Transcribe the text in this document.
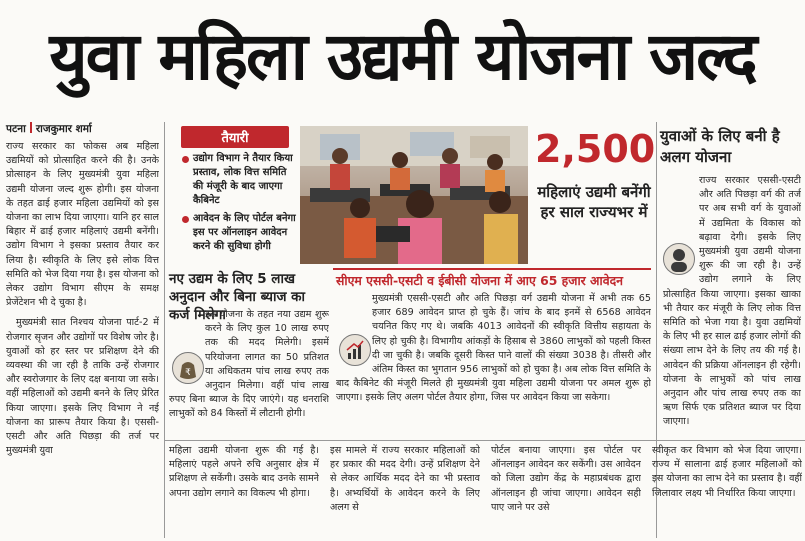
युवा महिला उद्यमी योजना जल्द
पटना राजकुमार शर्मा

राज्य सरकार का फोकस अब महिला उद्यमियों को प्रोत्साहित करने की है। उनके प्रोत्साहन के लिए मुख्यमंत्री युवा महिला उद्यमी योजना जल्द शुरू होगी। इस योजना के तहत ढाई हजार महिला उद्यमियों को इस योजना का लाभ दिया जाएगा। यानि हर साल बिहार में ढाई हजार महिलाएं उद्यमी बनेंगी। उद्योग विभाग ने इसका प्रस्ताव तैयार कर लिया है। स्वीकृति के लिए इसे लोक वित्त समिति को भेज दिया गया है। इस योजना को लेकर उद्योग विभाग सीएम के समक्ष प्रेजेंटेशन भी दे चुका है।

मुख्यमंत्री सात निश्चय योजना पार्ट-2 में रोजगार सृजन और उद्योगों पर विशेष जोर है। युवाओं को हर स्तर पर प्रशिक्षण देने की व्यवस्था की जा रही है ताकि उन्हें रोजगार और स्वरोजगार के लिए दक्ष बनाया जा सके। वहीं महिलाओं को उद्यमी बनने के लिए प्रेरित किया जाएगा। इसके लिए विभाग ने नई योजना का प्रारूप तैयार किया है। एससी-एसटी और अति पिछड़ा की तर्ज पर मुख्यमंत्री युवा

तैयारी
उद्योग विभाग ने तैयार किया प्रस्ताव, लोक वित्त समिति की मंजूरी के बाद जाएगा कैबिनेट
आवेदन के लिए पोर्टल बनेगा इस पर ऑनलाइन आवेदन करने की सुविधा होगी
2,500
महिलाएं उद्यमी बनेंगी हर साल राज्यभर में
युवाओं के लिए बनी है अलग योजना
राज्य सरकार एससी-एसटी और अति पिछड़ा वर्ग की तर्ज पर अब सभी वर्ग के युवाओं में उद्यमिता के विकास को बढ़ावा देगी। इसके लिए मुख्यमंत्री युवा उद्यमी योजना शुरू की जा रही है। उन्हें उद्योग लगाने के लिए प्रोत्साहित किया जाएगा। इसका खाका भी तैयार कर मंजूरी के लिए लोक वित्त समिति को भेजा गया है। युवा उद्यमियों के लिए भी हर साल ढाई हजार लोगों की संख्या लाभ देने के लिए तय की गई है। आवेदन की प्रक्रिया ऑनलाइन ही रहेगी। योजना के लाभुकों को पांच लाख अनुदान और पांच लाख रुपए तक का ऋण सिर्फ एक प्रतिशत ब्याज पर दिया जाएगा।
नए उद्यम के लिए 5 लाख अनुदान और बिना ब्याज का कर्ज मिलेगा
₹
इस योजना के तहत नया उद्यम शुरू करने के लिए कुल 10 लाख रुपए तक की मदद मिलेगी। इसमें परियोजना लागत का 50 प्रतिशत या अधिकतम पांच लाख रुपए तक अनुदान मिलेगा। वहीं पांच लाख रुपए बिना ब्याज के दिए जाएंगे। यह धनराशि लाभुकों को 84 किस्तों में लौटानी होगी।
सीएम एससी-एसटी व ईबीसी योजना में आए 65 हजार आवेदन
मुख्यमंत्री एससी-एसटी और अति पिछड़ा वर्ग उद्यमी योजना में अभी तक 65 हजार 689 आवेदन प्राप्त हो चुके हैं। जांच के बाद इनमें से 6568 आवेदन चयनित किए गए थे। जबकि 4013 आवेदनों की स्वीकृति वित्तीय सहायता के लिए हो चुकी है। विभागीय आंकड़ों के हिसाब से 3860 लाभुकों को पहली किस्त दी जा चुकी है। जबकि दूसरी किस्त पाने वालों की संख्या 3038 है। तीसरी और अंतिम किस्त का भुगतान 956 लाभुकों को हो चुका है। अब लोक वित्त समिति के बाद कैबिनेट की मंजूरी मिलते ही मुख्यमंत्री युवा महिला उद्यमी योजना पर अमल शुरू हो जाएगा। इसके लिए अलग पोर्टल तैयार होगा, जिस पर आवेदन किया जा सकेगा।
महिला उद्यमी योजना शुरू की गई है। महिलाएं पहले अपने रुचि अनुसार क्षेत्र में प्रशिक्षण ले सकेंगी। उसके बाद उनके सामने अपना उद्योग लगाने का विकल्प भी होगा।
इस मामले में राज्य सरकार महिलाओं को हर प्रकार की मदद देगी। उन्हें प्रशिक्षण देने से लेकर आर्थिक मदद देने का भी प्रस्ताव है। अभ्यर्थियों के आवेदन करने के लिए अलग से
पोर्टल बनाया जाएगा। इस पोर्टल पर ऑनलाइन आवेदन कर सकेंगी। उस आवेदन को जिला उद्योग केंद्र के महाप्रबंधक द्वारा ऑनलाइन ही जांचा जाएगा। आवेदन सही पाए जाने पर उसे
स्वीकृत कर विभाग को भेज दिया जाएगा। राज्य में सालाना ढाई हजार महिलाओं को इस योजना का लाभ देने का प्रस्ताव है। वहीं जिलावार लक्ष्य भी निर्धारित किया जाएगा।
